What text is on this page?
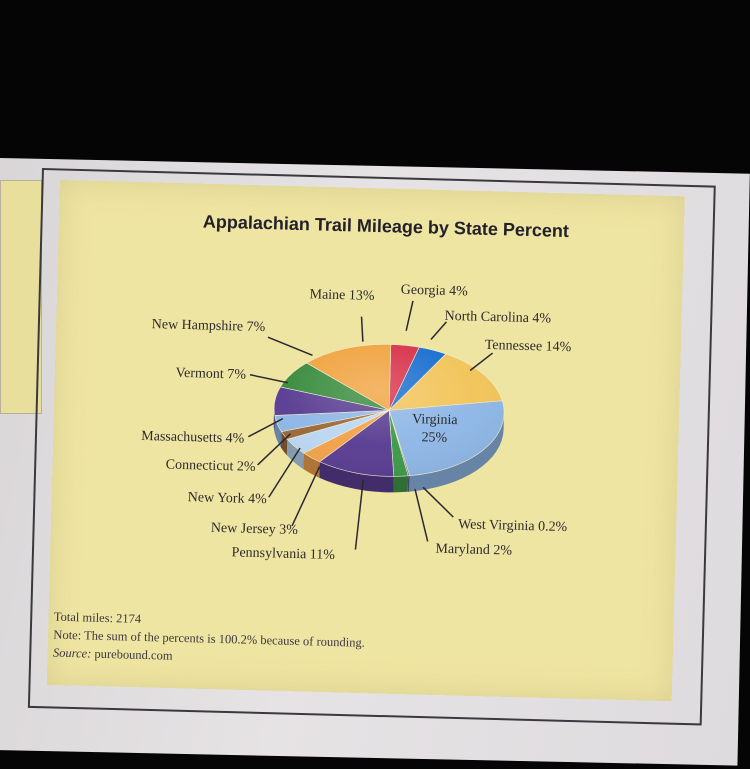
Appalachian Trail Mileage by State Percent
Georgia 4%
North Carolina 4%
Tennessee 14%
Maine 13%
New Hampshire 7%
Vermont 7%
Massachusetts 4%
Connecticut 2%
New York 4%
New Jersey 3%
Pennsylvania 11%	Maryland 2%
West Virginia 0.2%
Virginia
25%
Total miles: 2174
Note: The sum of the percents is 100.2% because of rounding.
Source: purebound.com
